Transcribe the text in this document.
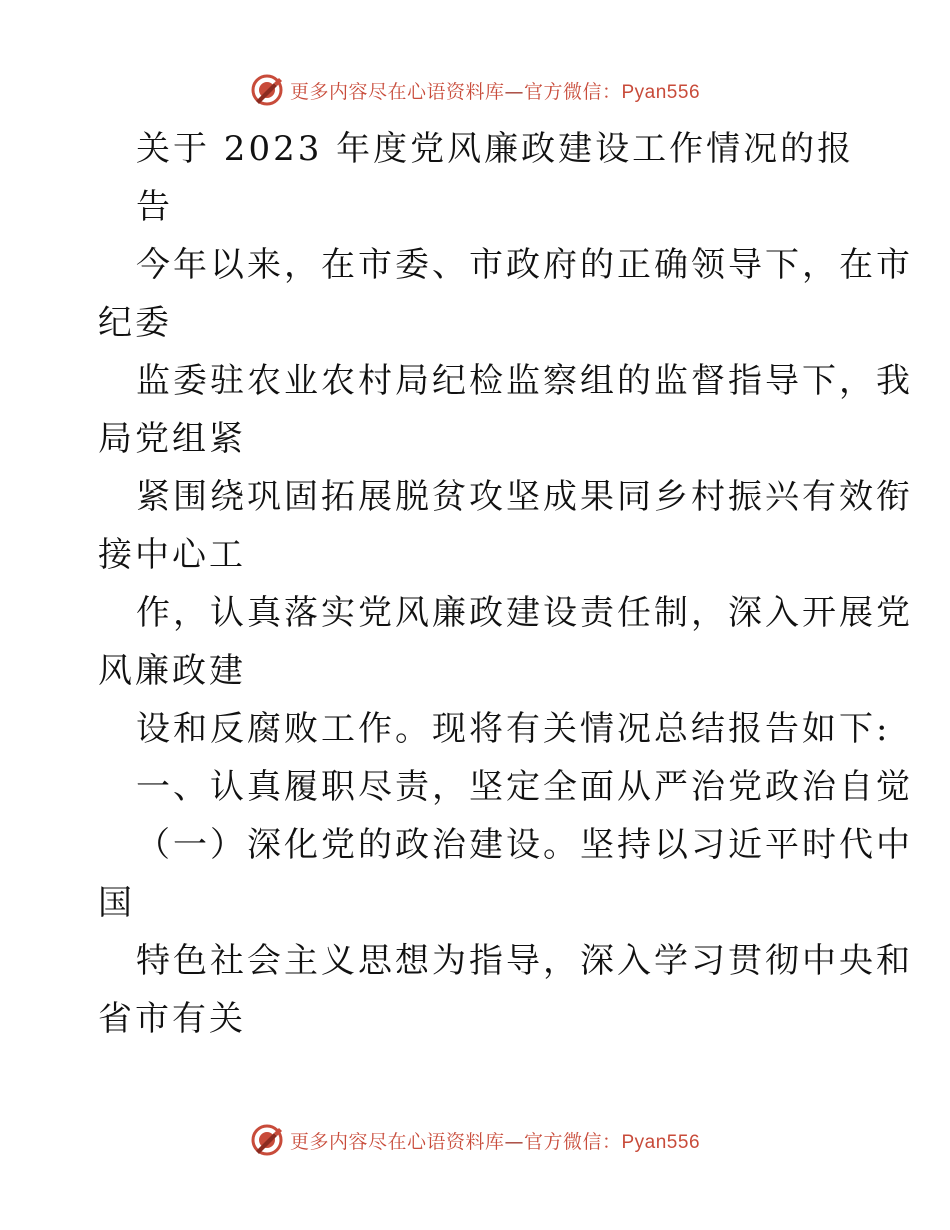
更多内容尽在心语资料库—官方微信：Pyan556
关于 2023 年度党风廉政建设工作情况的报
告
今年以来，在市委、市政府的正确领导下，在市
纪委
监委驻农业农村局纪检监察组的监督指导下，我
局党组紧
紧围绕巩固拓展脱贫攻坚成果同乡村振兴有效衔
接中心工
作，认真落实党风廉政建设责任制，深入开展党
风廉政建
设和反腐败工作。现将有关情况总结报告如下:
一、认真履职尽责，坚定全面从严治党政治自觉
（一）深化党的政治建设。坚持以习近平时代中
国
特色社会主义思想为指导，深入学习贯彻中央和
省市有关
更多内容尽在心语资料库—官方微信：Pyan556
